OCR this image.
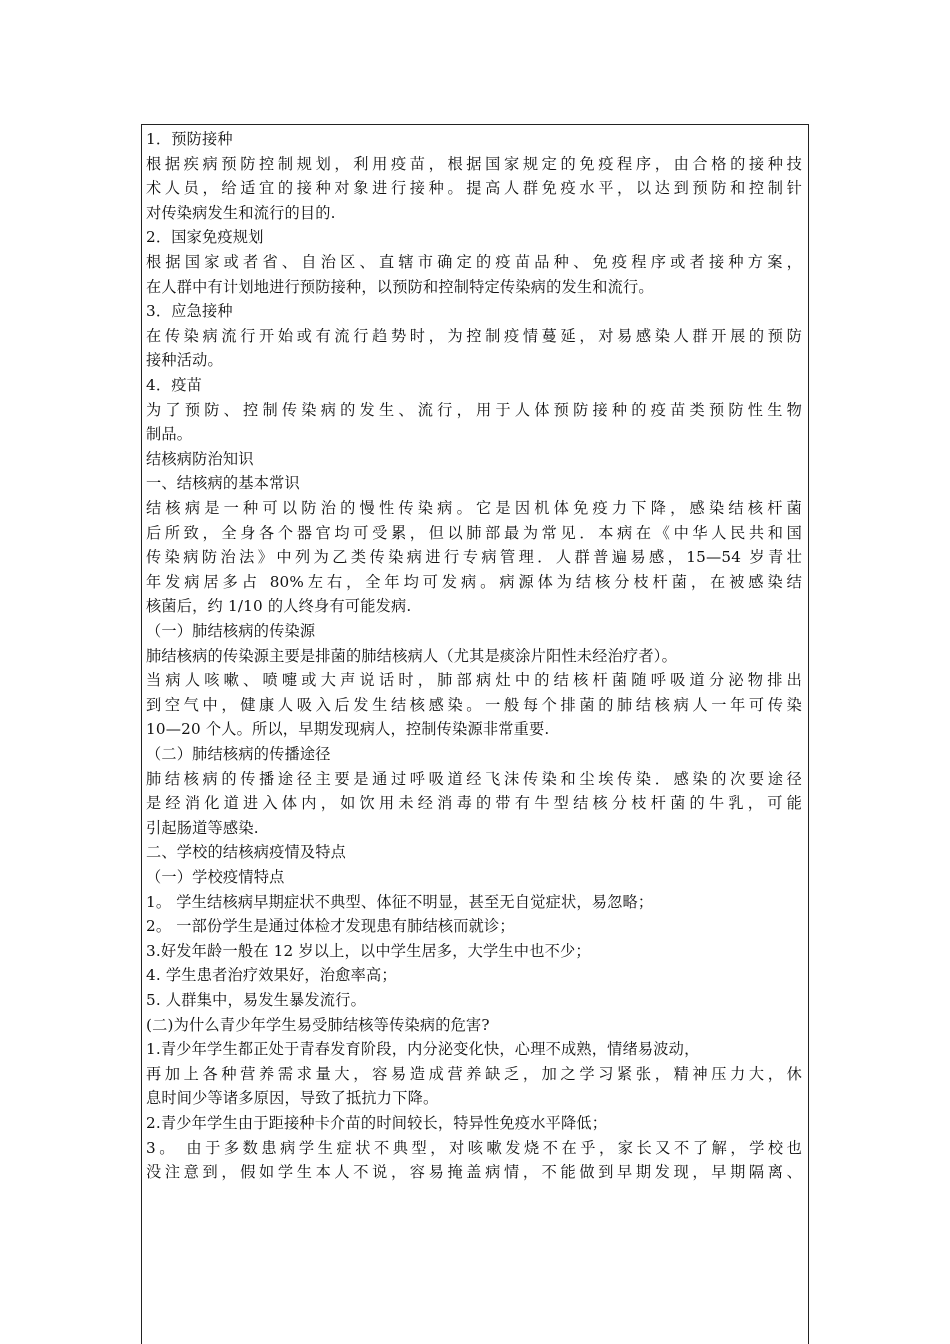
1．预防接种
根据疾病预防控制规划，利用疫苗，根据国家规定的免疫程序，由合格的接种技
术人员，给适宜的接种对象进行接种。提高人群免疫水平，以达到预防和控制针
对传染病发生和流行的目的.
2．国家免疫规划
根据国家或者省、自治区、直辖市确定的疫苗品种、免疫程序或者接种方案，
在人群中有计划地进行预防接种，以预防和控制特定传染病的发生和流行。
3．应急接种
在传染病流行开始或有流行趋势时，为控制疫情蔓延，对易感染人群开展的预防
接种活动。
4．疫苗
为了预防、控制传染病的发生、流行，用于人体预防接种的疫苗类预防性生物
制品。
结核病防治知识
一、结核病的基本常识
结核病是一种可以防治的慢性传染病。它是因机体免疫力下降，感染结核杆菌
后所致，全身各个器官均可受累，但以肺部最为常见．本病在《中华人民共和国
传染病防治法》中列为乙类传染病进行专病管理．人群普遍易感，15—54 岁青壮
年发病居多占 80%左右，全年均可发病。病源体为结核分枝杆菌，在被感染结
核菌后，约 1/10 的人终身有可能发病.
（一）肺结核病的传染源
肺结核病的传染源主要是排菌的肺结核病人（尤其是痰涂片阳性未经治疗者）。
当病人咳嗽、喷嚏或大声说话时，肺部病灶中的结核杆菌随呼吸道分泌物排出
到空气中，健康人吸入后发生结核感染。一般每个排菌的肺结核病人一年可传染
10—20 个人。所以，早期发现病人，控制传染源非常重要.
（二）肺结核病的传播途径
肺结核病的传播途径主要是通过呼吸道经飞沫传染和尘埃传染．感染的次要途径
是经消化道进入体内，如饮用未经消毒的带有牛型结核分枝杆菌的牛乳，可能
引起肠道等感染.
二、学校的结核病疫情及特点
（一）学校疫情特点
1。 学生结核病早期症状不典型、体征不明显，甚至无自觉症状，易忽略；
2。 一部份学生是通过体检才发现患有肺结核而就诊；
3.好发年龄一般在 12 岁以上，以中学生居多，大学生中也不少；
4. 学生患者治疗效果好，治愈率高；
5. 人群集中，易发生暴发流行。
(二)为什么青少年学生易受肺结核等传染病的危害?
1.青少年学生都正处于青春发育阶段，内分泌变化快，心理不成熟，情绪易波动，
再加上各种营养需求量大，容易造成营养缺乏，加之学习紧张，精神压力大，休
息时间少等诸多原因，导致了抵抗力下降。
2.青少年学生由于距接种卡介苗的时间较长，特异性免疫水平降低；
3。 由于多数患病学生症状不典型，对咳嗽发烧不在乎，家长又不了解，学校也
没注意到，假如学生本人不说，容易掩盖病情，不能做到早期发现，早期隔离、
